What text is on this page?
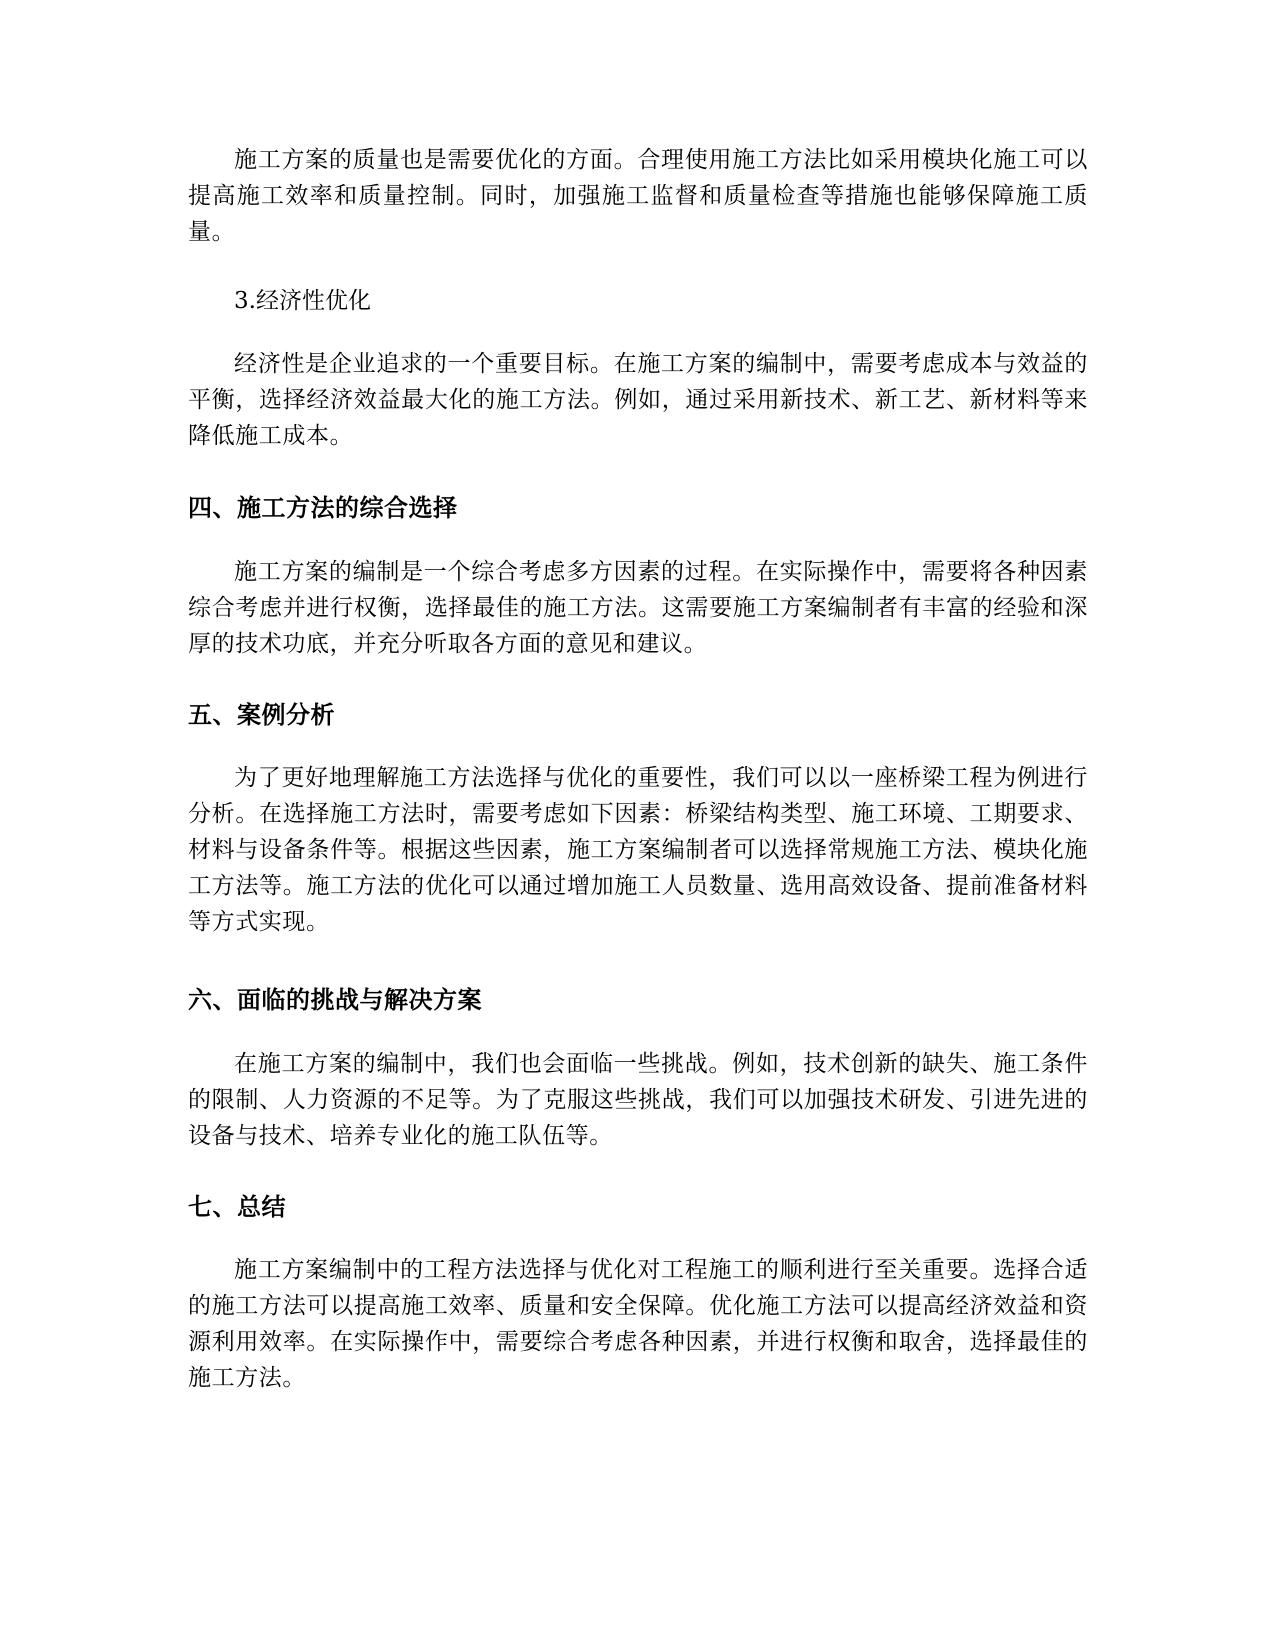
施工方案的质量也是需要优化的方面。合理使用施工方法比如采用模块化施工可以提高施工效率和质量控制。同时，加强施工监督和质量检查等措施也能够保障施工质量。

3.经济性优化

经济性是企业追求的一个重要目标。在施工方案的编制中，需要考虑成本与效益的平衡，选择经济效益最大化的施工方法。例如，通过采用新技术、新工艺、新材料等来降低施工成本。

四、施工方法的综合选择

施工方案的编制是一个综合考虑多方因素的过程。在实际操作中，需要将各种因素综合考虑并进行权衡，选择最佳的施工方法。这需要施工方案编制者有丰富的经验和深厚的技术功底，并充分听取各方面的意见和建议。

五、案例分析

为了更好地理解施工方法选择与优化的重要性，我们可以以一座桥梁工程为例进行分析。在选择施工方法时，需要考虑如下因素：桥梁结构类型、施工环境、工期要求、材料与设备条件等。根据这些因素，施工方案编制者可以选择常规施工方法、模块化施工方法等。施工方法的优化可以通过增加施工人员数量、选用高效设备、提前准备材料等方式实现。

六、面临的挑战与解决方案

在施工方案的编制中，我们也会面临一些挑战。例如，技术创新的缺失、施工条件的限制、人力资源的不足等。为了克服这些挑战，我们可以加强技术研发、引进先进的设备与技术、培养专业化的施工队伍等。

七、总结

施工方案编制中的工程方法选择与优化对工程施工的顺利进行至关重要。选择合适的施工方法可以提高施工效率、质量和安全保障。优化施工方法可以提高经济效益和资源利用效率。在实际操作中，需要综合考虑各种因素，并进行权衡和取舍，选择最佳的施工方法。
